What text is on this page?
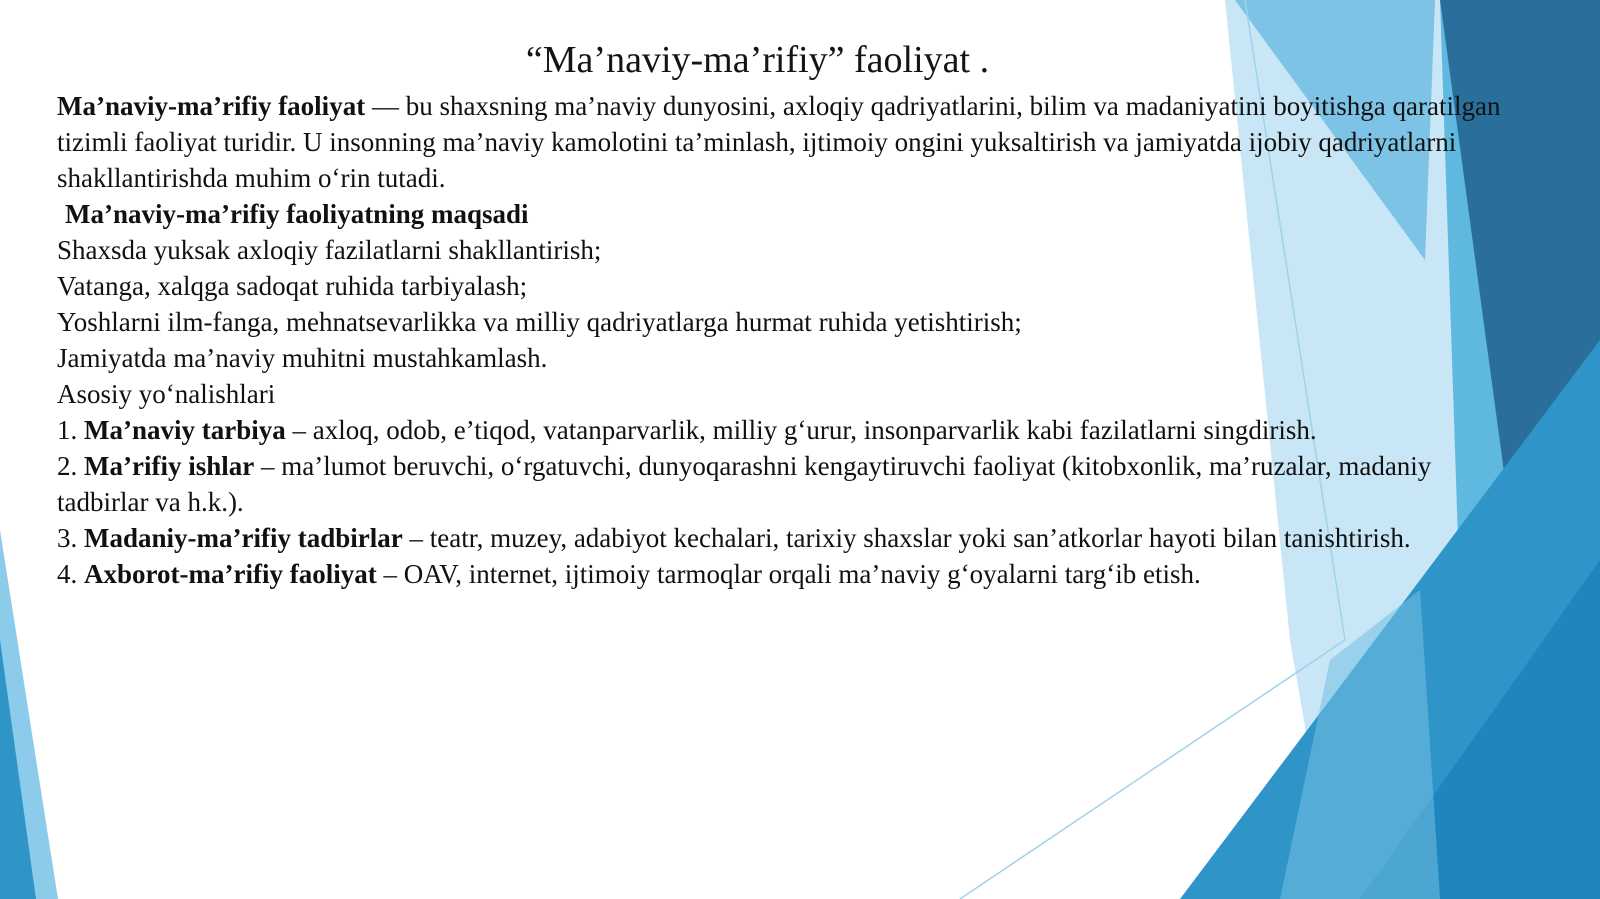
“Ma’naviy-ma’rifiy” faoliyat .

Ma’naviy-ma’rifiy faoliyat — bu shaxsning ma’naviy dunyosini, axloqiy qadriyatlarini, bilim va madaniyatini boyitishga qaratilgan tizimli faoliyat turidir. U insonning ma’naviy kamolotini ta’minlash, ijtimoiy ongini yuksaltirish va jamiyatda ijobiy qadriyatlarni shakllantirishda muhim o‘rin tutadi.

Ma’naviy-ma’rifiy faoliyatning maqsadi

Shaxsda yuksak axloqiy fazilatlarni shakllantirish;

Vatanga, xalqga sadoqat ruhida tarbiyalash;

Yoshlarni ilm-fanga, mehnatsevarlikka va milliy qadriyatlarga hurmat ruhida yetishtirish;

Jamiyatda ma’naviy muhitni mustahkamlash.

Asosiy yo‘nalishlari

1. Ma’naviy tarbiya – axloq, odob, e’tiqod, vatanparvarlik, milliy g‘urur, insonparvarlik kabi fazilatlarni singdirish.

2. Ma’rifiy ishlar – ma’lumot beruvchi, o‘rgatuvchi, dunyoqarashni kengaytiruvchi faoliyat (kitobxonlik, ma’ruzalar, madaniy tadbirlar va h.k.).

3. Madaniy-ma’rifiy tadbirlar – teatr, muzey, adabiyot kechalari, tarixiy shaxslar yoki san’atkorlar hayoti bilan tanishtirish.

4. Axborot-ma’rifiy faoliyat – OAV, internet, ijtimoiy tarmoqlar orqali ma’naviy g‘oyalarni targ‘ib etish.
